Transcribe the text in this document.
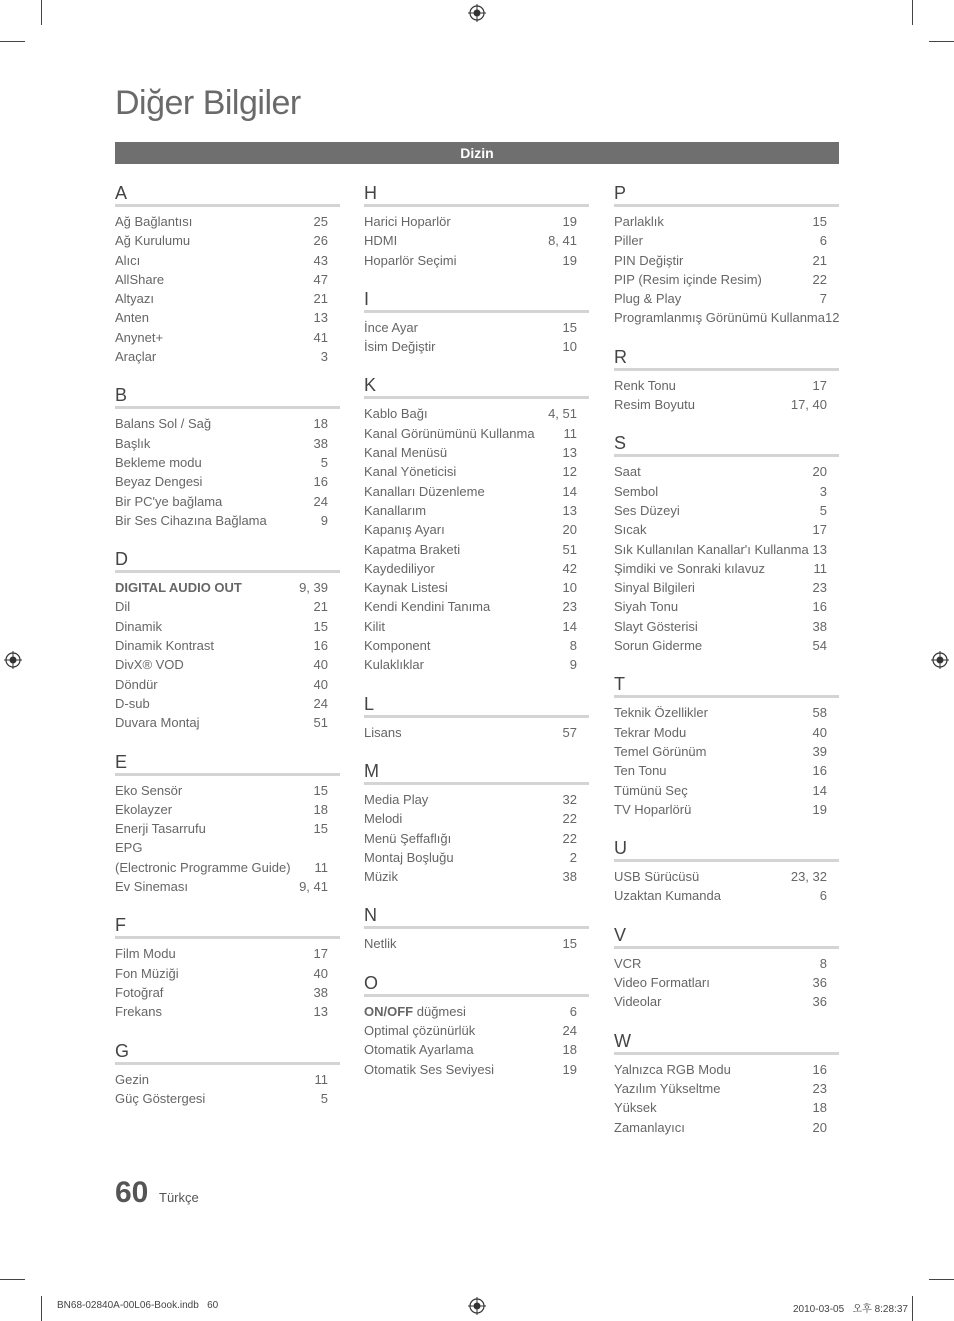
Diğer Bilgiler
Dizin
A
Ağ Bağlantısı	25
Ağ Kurulumu	26
Alıcı	43
AllShare	47
Altyazı	21
Anten	13
Anynet+	41
Araçlar	3
B
Balans Sol / Sağ	18
Başlık	38
Bekleme modu	5
Beyaz Dengesi	16
Bir PC'ye bağlama	24
Bir Ses Cihazına Bağlama	9
D
DIGITAL AUDIO OUT	9, 39
Dil	21
Dinamik	15
Dinamik Kontrast	16
DivX® VOD	40
Döndür	40
D-sub	24
Duvara Montaj	51
E
Eko Sensör	15
Ekolayzer	18
Enerji Tasarrufu	15
EPG
(Electronic Programme Guide) 11
Ev Sineması	9, 41
F
Film Modu	17
Fon Müziği	40
Fotoğraf	38
Frekans	13
G
Gezin	11
Güç Göstergesi	5
H
Harici Hoparlör	19
HDMI	8, 41
Hoparlör Seçimi	19
I
İnce Ayar	15
İsim Değiştir	10
K
Kablo Bağı	4, 51
Kanal Görünümünü Kullanma 11
Kanal Menüsü	13
Kanal Yöneticisi	12
Kanalları Düzenleme	14
Kanallarım	13
Kapanış Ayarı	20
Kapatma Braketi	51
Kaydediliyor	42
Kaynak Listesi	10
Kendi Kendini Tanıma	23
Kilit	14
Komponent	8
Kulaklıklar	9
L
Lisans	57
M
Media Play	32
Melodi	22
Menü Şeffaflığı	22
Montaj Boşluğu	2
Müzik	38
N
Netlik	15
O
ON/OFF düğmesi	6
Optimal çözünürlük	24
Otomatik Ayarlama	18
Otomatik Ses Seviyesi	19
P
Parlaklık	15
Piller	6
PIN Değiştir	21
PIP (Resim içinde Resim)	22
Plug & Play	7
Programlanmış Görünümü Kullanma 12
R
Renk Tonu	17
Resim Boyutu	17, 40
S
Saat	20
Sembol	3
Ses Düzeyi	5
Sıcak	17
Sık Kullanılan Kanallar'ı Kullanma 13
Şimdiki ve Sonraki kılavuz	11
Sinyal Bilgileri	23
Siyah Tonu	16
Slayt Gösterisi	38
Sorun Giderme	54
T
Teknik Özellikler	58
Tekrar Modu	40
Temel Görünüm	39
Ten Tonu	16
Tümünü Seç	14
TV Hoparlörü	19
U
USB Sürücüsü	23, 32
Uzaktan Kumanda	6
V
VCR	8
Video Formatları	36
Videolar	36
W
Yalnızca RGB Modu	16
Yazılım Yükseltme	23
Yüksek	18
Zamanlayıcı	20
60 Türkçe
BN68-02840A-00L06-Book.indb   60	2010-03-05   오후 8:28:37
